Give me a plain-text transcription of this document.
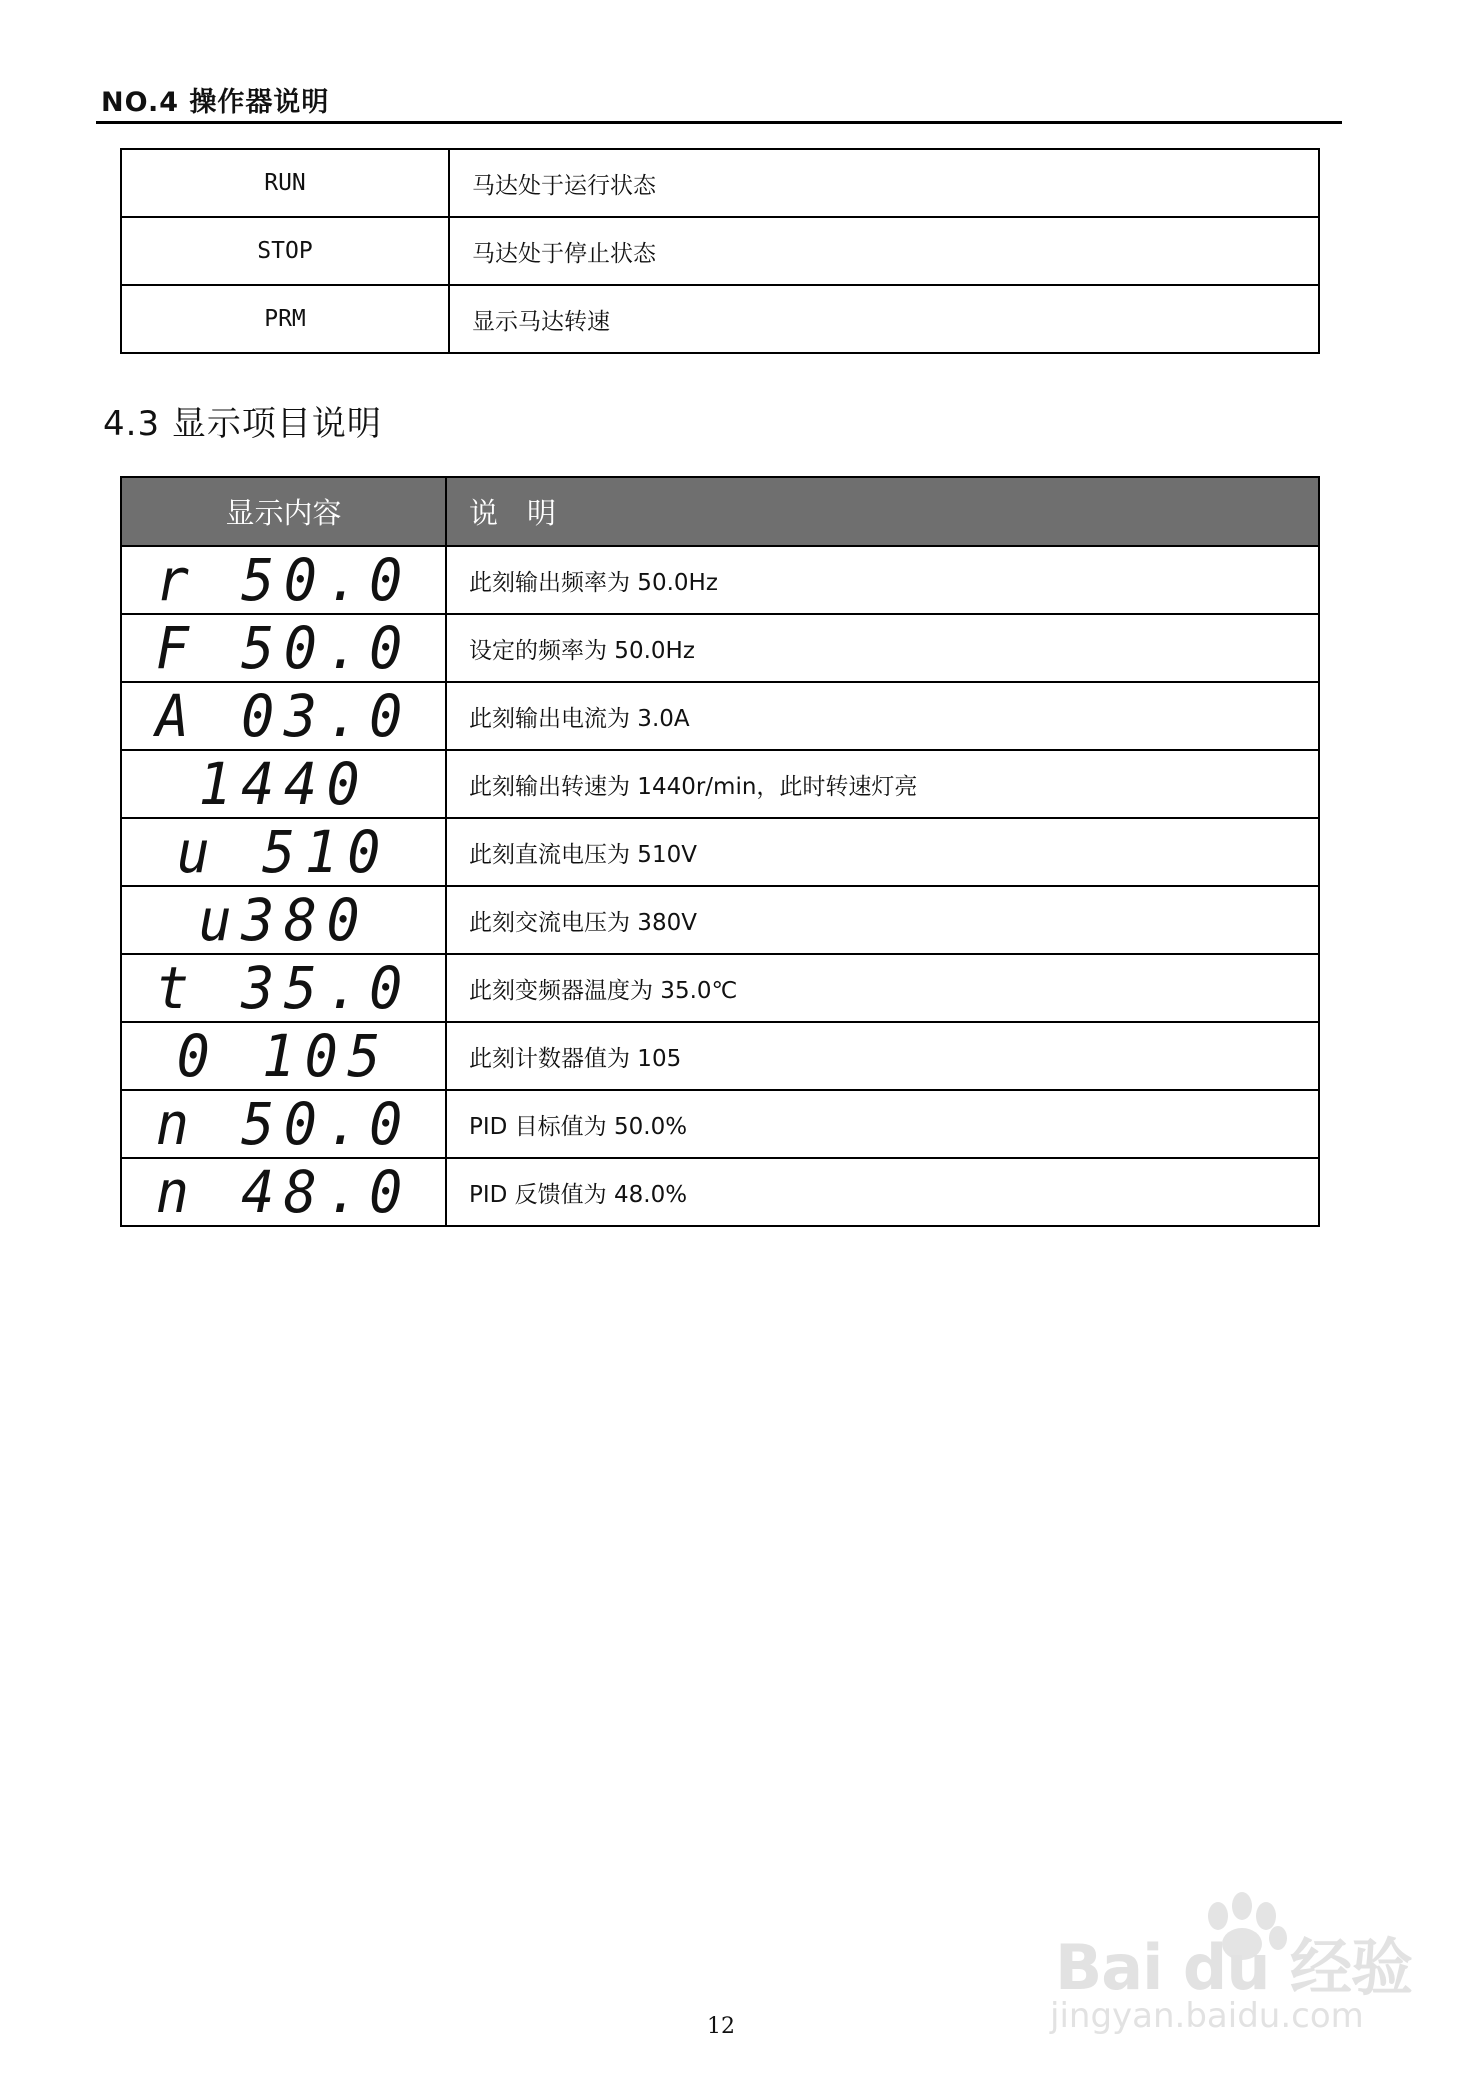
NO.4 操作器说明
RUN	马达处于运行状态
STOP	马达处于停止状态
PRM	显示马达转速
4.3 显示项目说明
显示内容	说　明
r 50.0	此刻输出频率为 50.0Hz
F 50.0	设定的频率为 50.0Hz
A 03.0	此刻输出电流为 3.0A
1440	此刻输出转速为 1440r/min，此时转速灯亮
u 510	此刻直流电压为 510V
u380	此刻交流电压为 380V
t 35.0	此刻变频器温度为 35.0℃
0 105	此刻计数器值为 105
n 50.0	PID 目标值为 50.0%
n 48.0	PID 反馈值为 48.0%
12
Bai du 经验
jingyan.baidu.com
